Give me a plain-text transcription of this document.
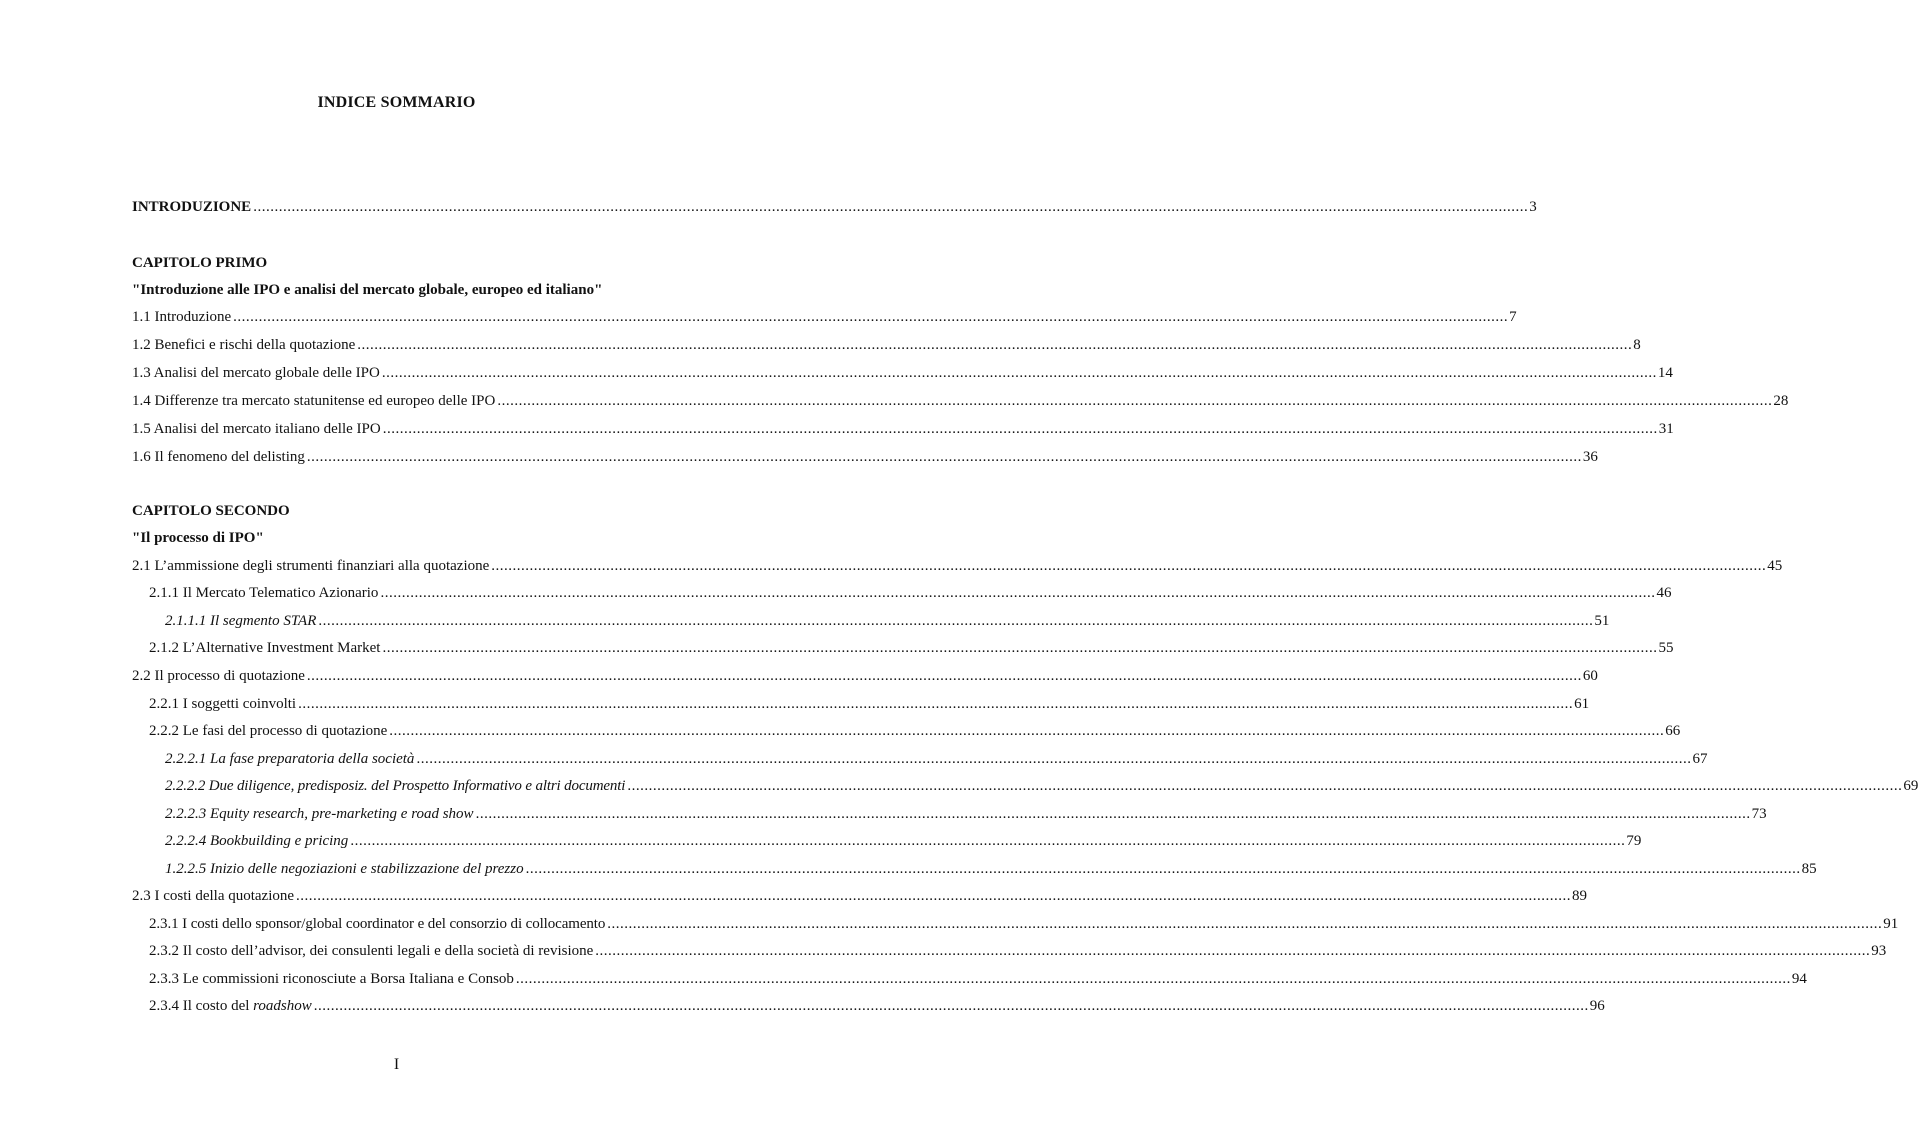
INDICE SOMMARIO
INTRODUZIONE ............................................................................................................................................................................................................................................................................................................ 3
CAPITOLO PRIMO
"Introduzione alle IPO e analisi del mercato globale, europeo ed italiano"
1.1 Introduzione ............................................................................................................................................................................................................................................................................................................ 7
1.2 Benefici e rischi della quotazione ............................................................................................................................................................................................................................................................................................................ 8
1.3 Analisi del mercato globale delle IPO ............................................................................................................................................................................................................................................................................................................ 14
1.4 Differenze tra mercato statunitense ed europeo delle IPO ............................................................................................................................................................................................................................................................................................................ 28
1.5 Analisi del mercato italiano delle IPO ............................................................................................................................................................................................................................................................................................................ 31
1.6 Il fenomeno del delisting ............................................................................................................................................................................................................................................................................................................ 36
CAPITOLO SECONDO
"Il processo di IPO"
2.1 L’ammissione degli strumenti finanziari alla quotazione ............................................................................................................................................................................................................................................................................................................ 45
2.1.1 Il Mercato Telematico Azionario ............................................................................................................................................................................................................................................................................................................ 46
2.1.1.1 Il segmento STAR ............................................................................................................................................................................................................................................................................................................ 51
2.1.2 L’Alternative Investment Market ............................................................................................................................................................................................................................................................................................................ 55
2.2 Il processo di quotazione ............................................................................................................................................................................................................................................................................................................ 60
2.2.1 I soggetti coinvolti ............................................................................................................................................................................................................................................................................................................ 61
2.2.2 Le fasi del processo di quotazione ............................................................................................................................................................................................................................................................................................................ 66
2.2.2.1 La fase preparatoria della società ............................................................................................................................................................................................................................................................................................................ 67
2.2.2.2 Due diligence, predisposiz. del Prospetto Informativo e altri documenti ............................................................................................................................................................................................................................................................................................................ 69
2.2.2.3 Equity research, pre-marketing e road show ............................................................................................................................................................................................................................................................................................................ 73
2.2.2.4 Bookbuilding e pricing ............................................................................................................................................................................................................................................................................................................ 79
1.2.2.5 Inizio delle negoziazioni e stabilizzazione del prezzo ............................................................................................................................................................................................................................................................................................................ 85
2.3 I costi della quotazione ............................................................................................................................................................................................................................................................................................................ 89
2.3.1 I costi dello sponsor/global coordinator e del consorzio di collocamento ............................................................................................................................................................................................................................................................................................................ 91
2.3.2 Il costo dell’advisor, dei consulenti legali e della società di revisione ............................................................................................................................................................................................................................................................................................................ 93
2.3.3 Le commissioni riconosciute a Borsa Italiana e Consob ............................................................................................................................................................................................................................................................................................................ 94
2.3.4 Il costo del roadshow ............................................................................................................................................................................................................................................................................................................ 96
I
